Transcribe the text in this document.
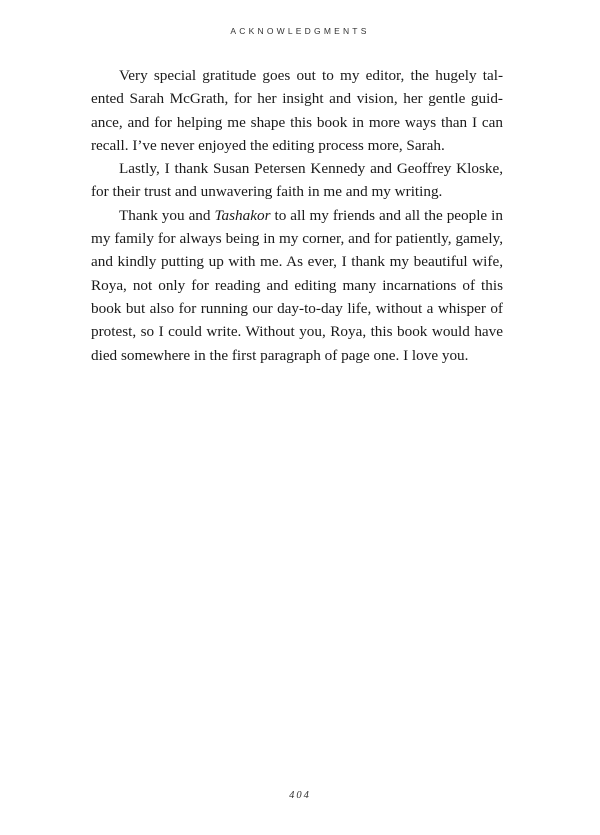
ACKNOWLEDGMENTS
Very special gratitude goes out to my editor, the hugely tal-
ented Sarah McGrath, for her insight and vision, her gentle guid-
ance, and for helping me shape this book in more ways than I can
recall. I’ve never enjoyed the editing process more, Sarah.
Lastly, I thank Susan Petersen Kennedy and Geoffrey Kloske,
for their trust and unwavering faith in me and my writing.
Thank you and Tashakor to all my friends and all the people in
my family for always being in my corner, and for patiently, gamely,
and kindly putting up with me. As ever, I thank my beautiful wife,
Roya, not only for reading and editing many incarnations of this
book but also for running our day-to-day life, without a whisper of
protest, so I could write. Without you, Roya, this book would have
died somewhere in the first paragraph of page one. I love you.
404
